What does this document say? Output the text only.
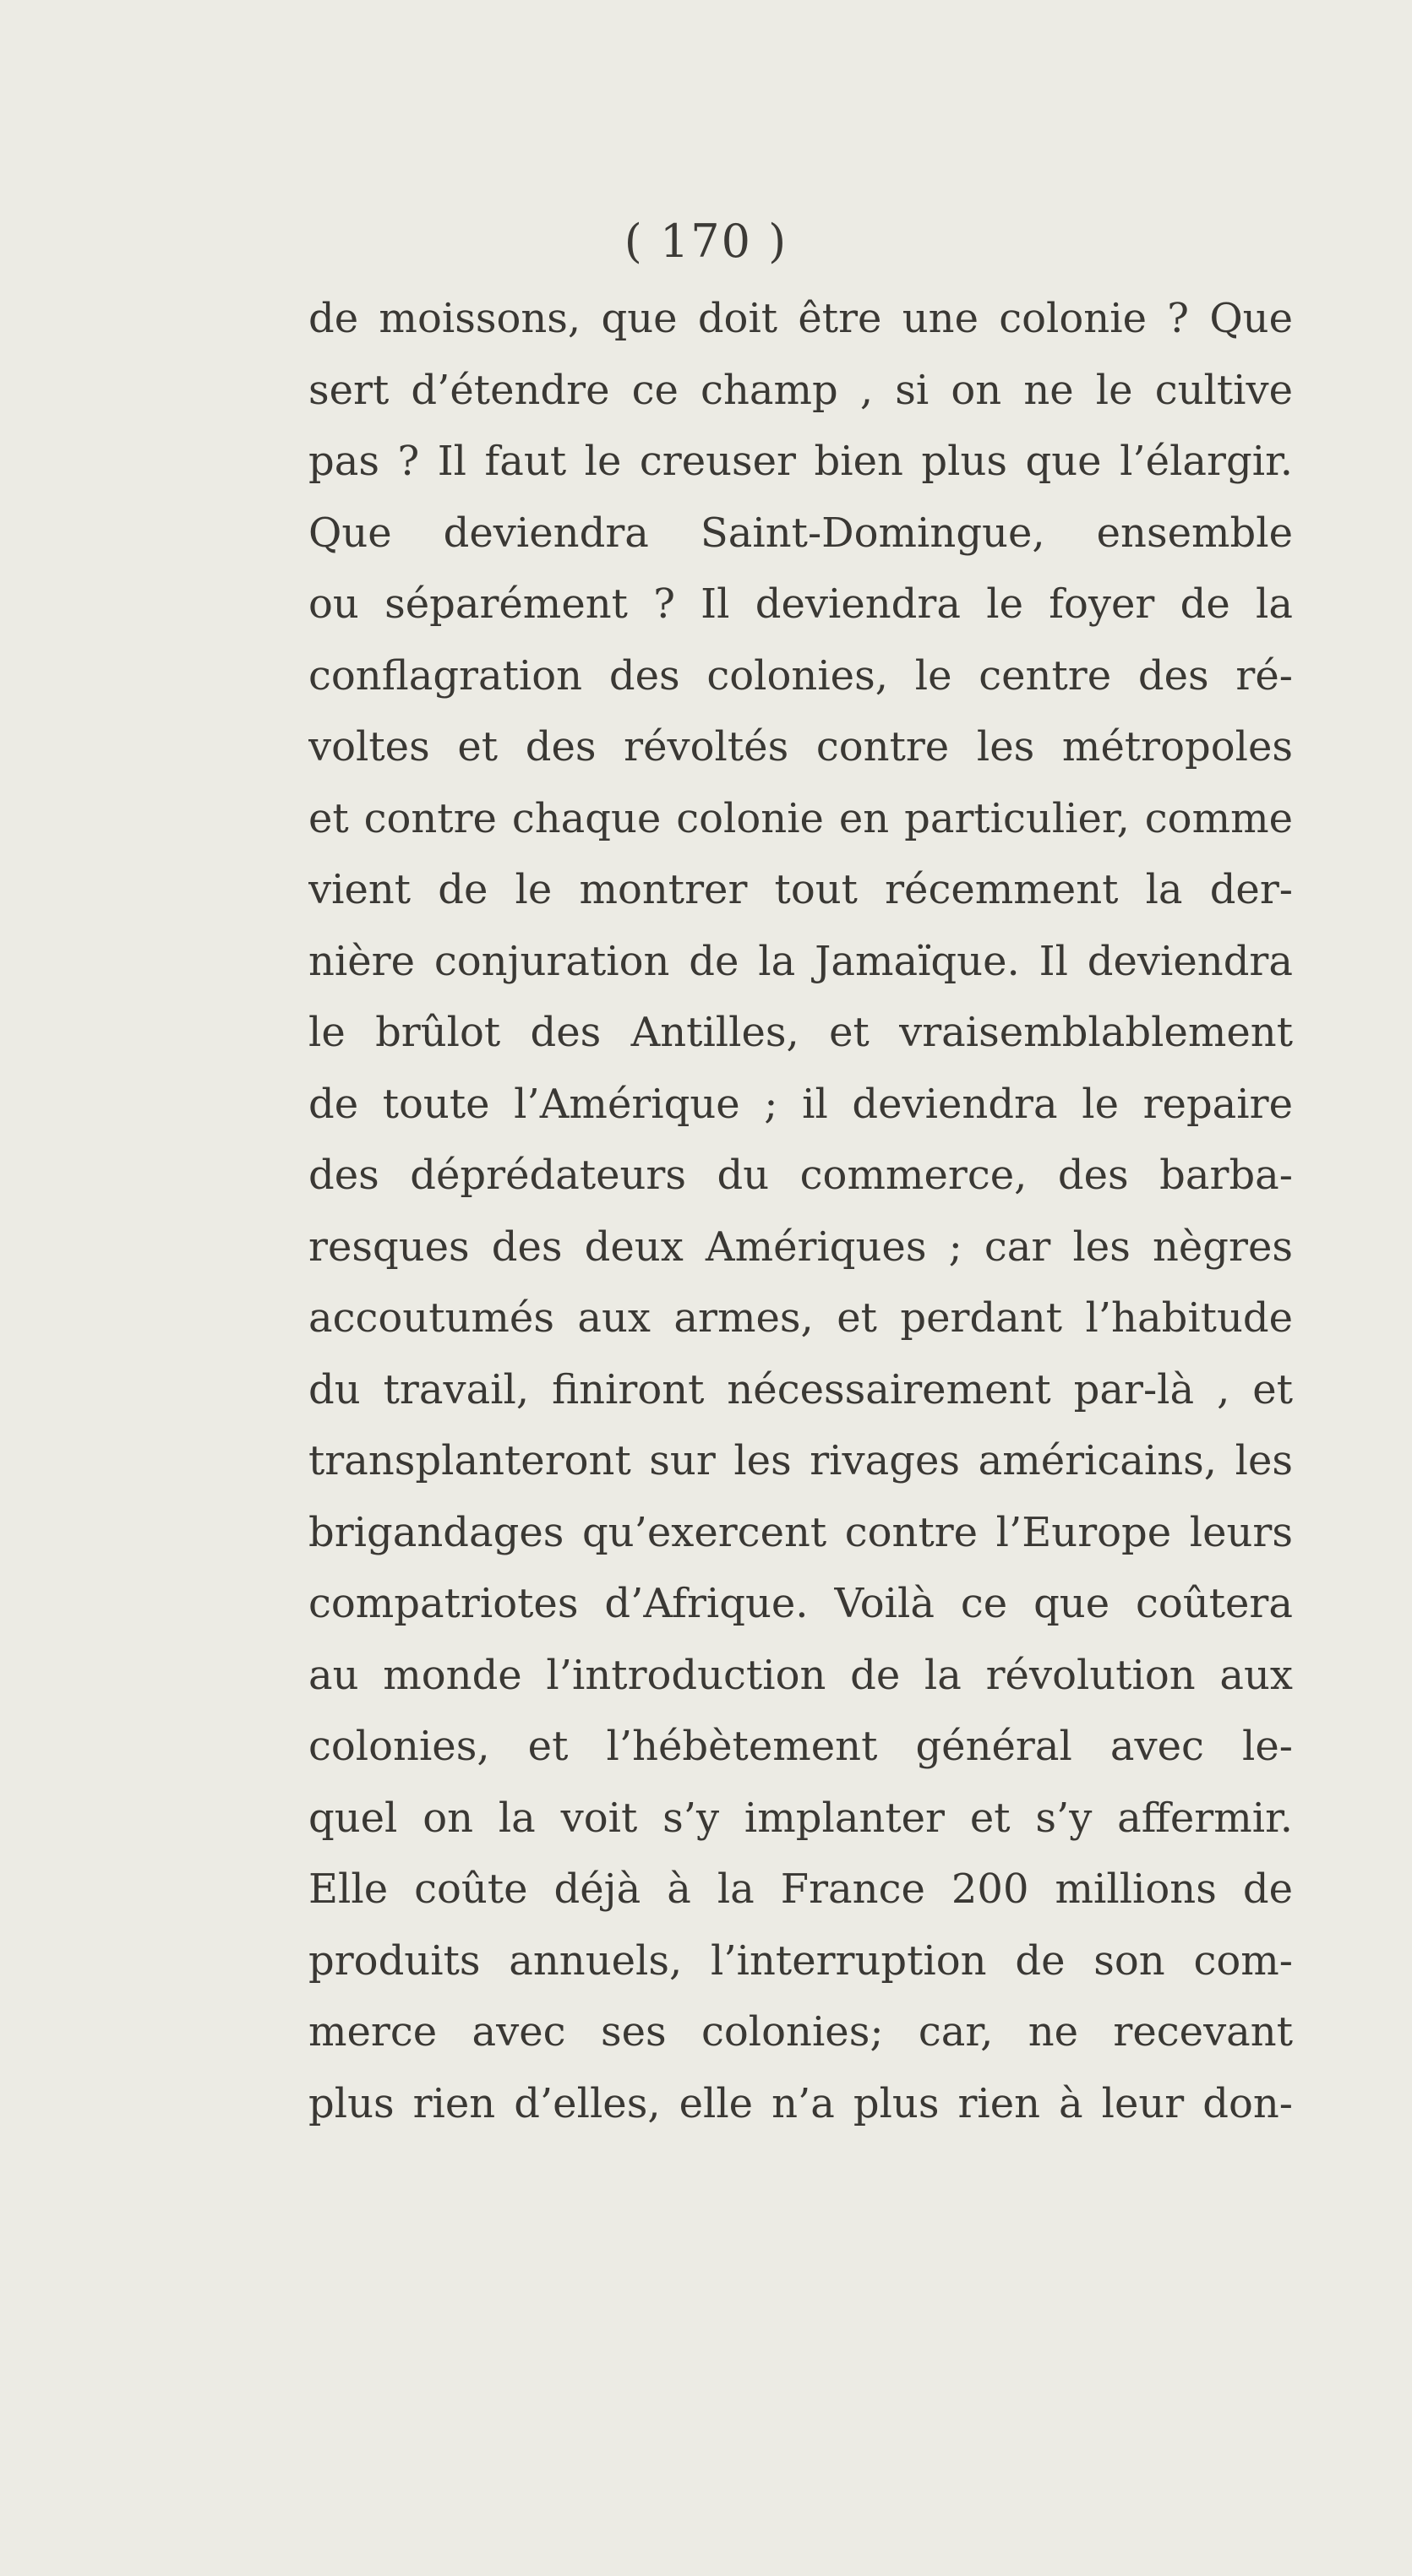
( 170 )
de moissons, que doit être une colonie ? Que
sert d’étendre ce champ , si on ne le cultive
pas ? Il faut le creuser bien plus que l’élargir.
Que deviendra Saint-Domingue, ensemble
ou séparément ? Il deviendra le foyer de la
conflagration des colonies, le centre des ré-
voltes et des révoltés contre les métropoles
et contre chaque colonie en particulier, comme
vient de le montrer tout récemment la der-
nière conjuration de la Jamaïque. Il deviendra
le brûlot des Antilles, et vraisemblablement
de toute l’Amérique ; il deviendra le repaire
des déprédateurs du commerce, des barba-
resques des deux Amériques ; car les nègres
accoutumés aux armes, et perdant l’habitude
du travail, finiront nécessairement par-là , et
transplanteront sur les rivages américains, les
brigandages qu’exercent contre l’Europe leurs
compatriotes d’Afrique. Voilà ce que coûtera
au monde l’introduction de la révolution aux
colonies, et l’hébètement général avec le-
quel on la voit s’y implanter et s’y affermir.
Elle coûte déjà à la France 200 millions de
produits annuels, l’interruption de son com-
merce avec ses colonies; car, ne recevant
plus rien d’elles, elle n’a plus rien à leur don-
